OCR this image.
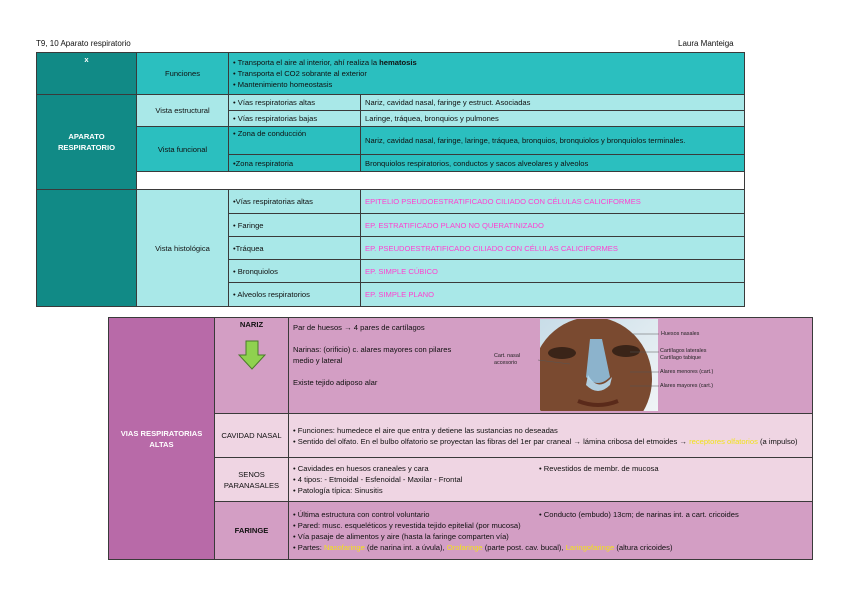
T9, 10 Aparato respiratorio	Laura Manteiga
x	Funciones	• Transporta el aire al interior, ahí realiza la hematosis
• Transporta el CO2 sobrante al exterior
• Mantenimiento homeostasis	

APARATO RESPIRATORIO	Vista estructural	• Vías respiratorias altas	Nariz, cavidad nasal, faringe y estruct. Asociadas
		• Vías respiratorias bajas	Laringe, tráquea, bronquios y pulmones
	Vista funcional	• Zona de conducción	Nariz, cavidad nasal, faringe, laringe, tráquea, bronquios, bronquiolos y bronquiolos terminales.
		•Zona respiratoria	Bronquiolos respiratorios, conductos y sacos alveolares y alveolos

	Vista histológica	•Vías respiratorias altas	EPITELIO PSEUDOESTRATIFICADO CILIADO CON CÉLULAS CALICIFORMES
		• Faringe	EP. ESTRATIFICADO PLANO NO QUERATINIZADO
		•Tráquea	EP. PSEUDOESTRATIFICADO CILIADO CON CÉLULAS CALICIFORMES
		• Bronquiolos	EP. SIMPLE CÚBICO
		• Alveolos respiratorios	EP. SIMPLE PLANO
VIAS RESPIRATORIAS ALTAS	NARIZ	Par de huesos → 4 pares de cartílagos
Narinas: (orificio) c. alares mayores con pilares medio y lateral
Existe tejido adiposo alar

	CAVIDAD NASAL	• Funciones: humedece el aire que entra y detiene las sustancias no deseadas
• Sentido del olfato. En el bulbo olfatorio se proyectan las fibras del 1er par craneal → lámina cribosa del etmoides → receptores olfatorios (a impulso)

	SENOS PARANASALES	• Cavidades en huesos craneales y cara • Revestidos de membr. de mucosa
• 4 tipos: - Etmoidal - Esfenoidal - Maxilar - Frontal
• Patología típica: Sinusitis

	FARINGE	• Última estructura con control voluntario • Conducto (embudo) 13cm; de narinas int. a cart. cricoides
• Pared: musc. esqueléticos y revestida tejido epitelial (por mucosa)
• Vía pasaje de alimentos y aire (hasta la faringe comparten vía)
• Partes: Nasofaringe (de narina int. a úvula), Orofaringe (parte post. cav. bucal), Laringofaringe (altura cricoides)
Huesos nasales
Cartílagos laterales
Cartílago tabique
Alares menores (cart.)
Alares mayores (cart.)
Cart. nasal accesorio
